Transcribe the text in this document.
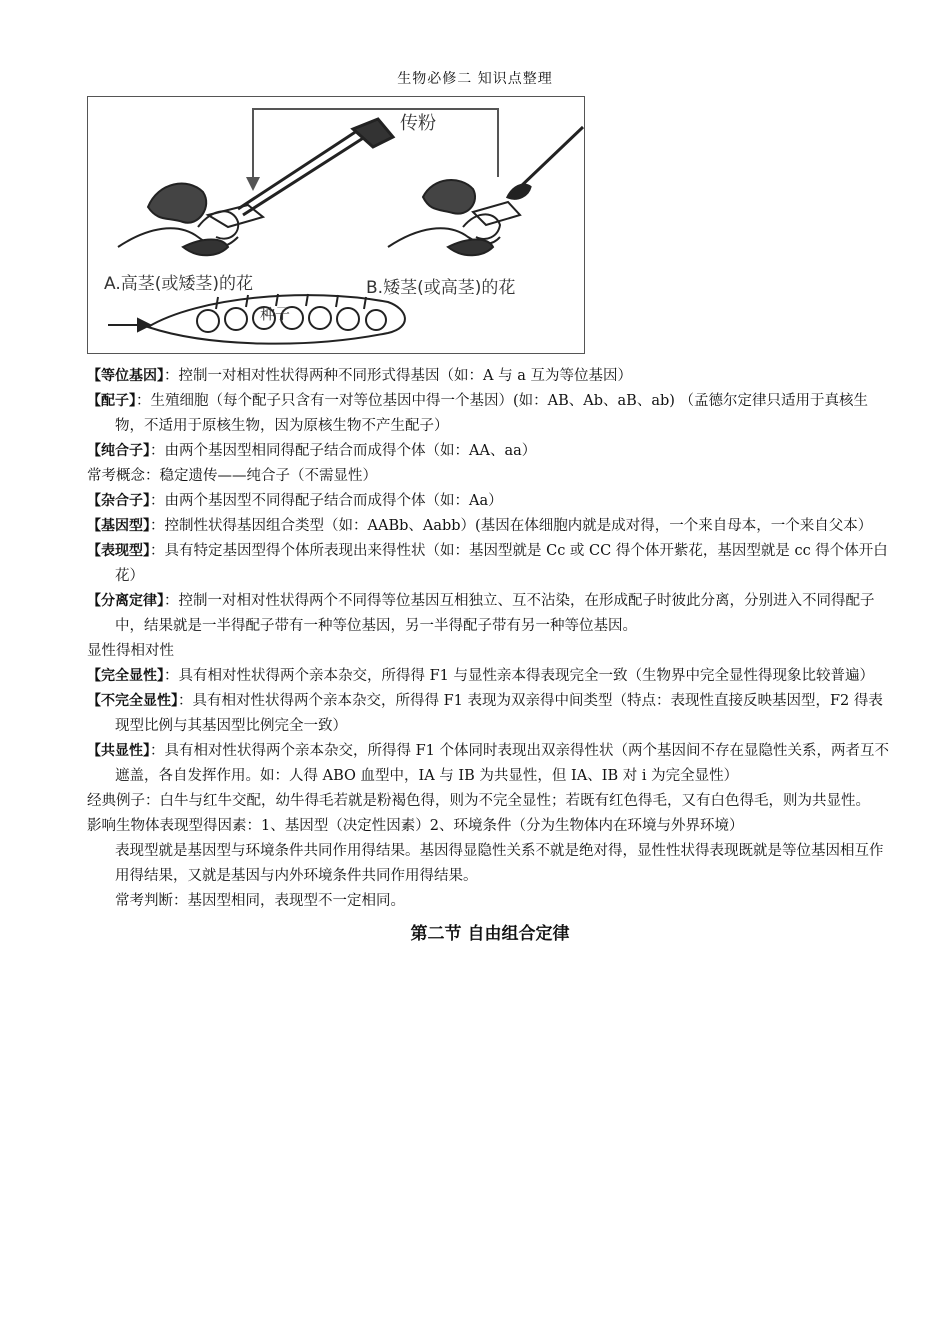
生物必修二 知识点整理
传粉
A.高茎(或矮茎)的花	B.矮茎(或高茎)的花
种子

【等位基因】：控制一对相对性状得两种不同形式得基因（如：A 与 a 互为等位基因）

【配子】：生殖细胞（每个配子只含有一对等位基因中得一个基因）(如：AB、Ab、aB、ab) （孟德尔定律只适用于真核生物，不适用于原核生物，因为原核生物不产生配子）

【纯合子】：由两个基因型相同得配子结合而成得个体（如：AA、aa）

常考概念：稳定遗传——纯合子（不需显性）

【杂合子】：由两个基因型不同得配子结合而成得个体（如：Aa）

【基因型】：控制性状得基因组合类型（如：AABb、Aabb）(基因在体细胞内就是成对得，一个来自母本，一个来自父本）

【表现型】：具有特定基因型得个体所表现出来得性状（如：基因型就是 Cc 或 CC 得个体开紫花，基因型就是 cc 得个体开白花）

【分离定律】：控制一对相对性状得两个不同得等位基因互相独立、互不沾染，在形成配子时彼此分离，分别进入不同得配子中，结果就是一半得配子带有一种等位基因，另一半得配子带有另一种等位基因。

显性得相对性

【完全显性】：具有相对性状得两个亲本杂交，所得得 F1 与显性亲本得表现完全一致（生物界中完全显性得现象比较普遍）

【不完全显性】：具有相对性状得两个亲本杂交，所得得 F1 表现为双亲得中间类型（特点：表现性直接反映基因型，F2 得表现型比例与其基因型比例完全一致）

【共显性】：具有相对性状得两个亲本杂交，所得得 F1 个体同时表现出双亲得性状（两个基因间不存在显隐性关系，两者互不遮盖，各自发挥作用。如：人得 ABO 血型中，IA 与 IB 为共显性，但 IA、IB 对 i 为完全显性）

经典例子：白牛与红牛交配，幼牛得毛若就是粉褐色得，则为不完全显性；若既有红色得毛，又有白色得毛，则为共显性。

影响生物体表现型得因素：1、基因型（决定性因素）2、环境条件（分为生物体内在环境与外界环境）

表现型就是基因型与环境条件共同作用得结果。基因得显隐性关系不就是绝对得，显性性状得表现既就是等位基因相互作用得结果，又就是基因与内外环境条件共同作用得结果。

常考判断：基因型相同，表现型不一定相同。

第二节 自由组合定律
